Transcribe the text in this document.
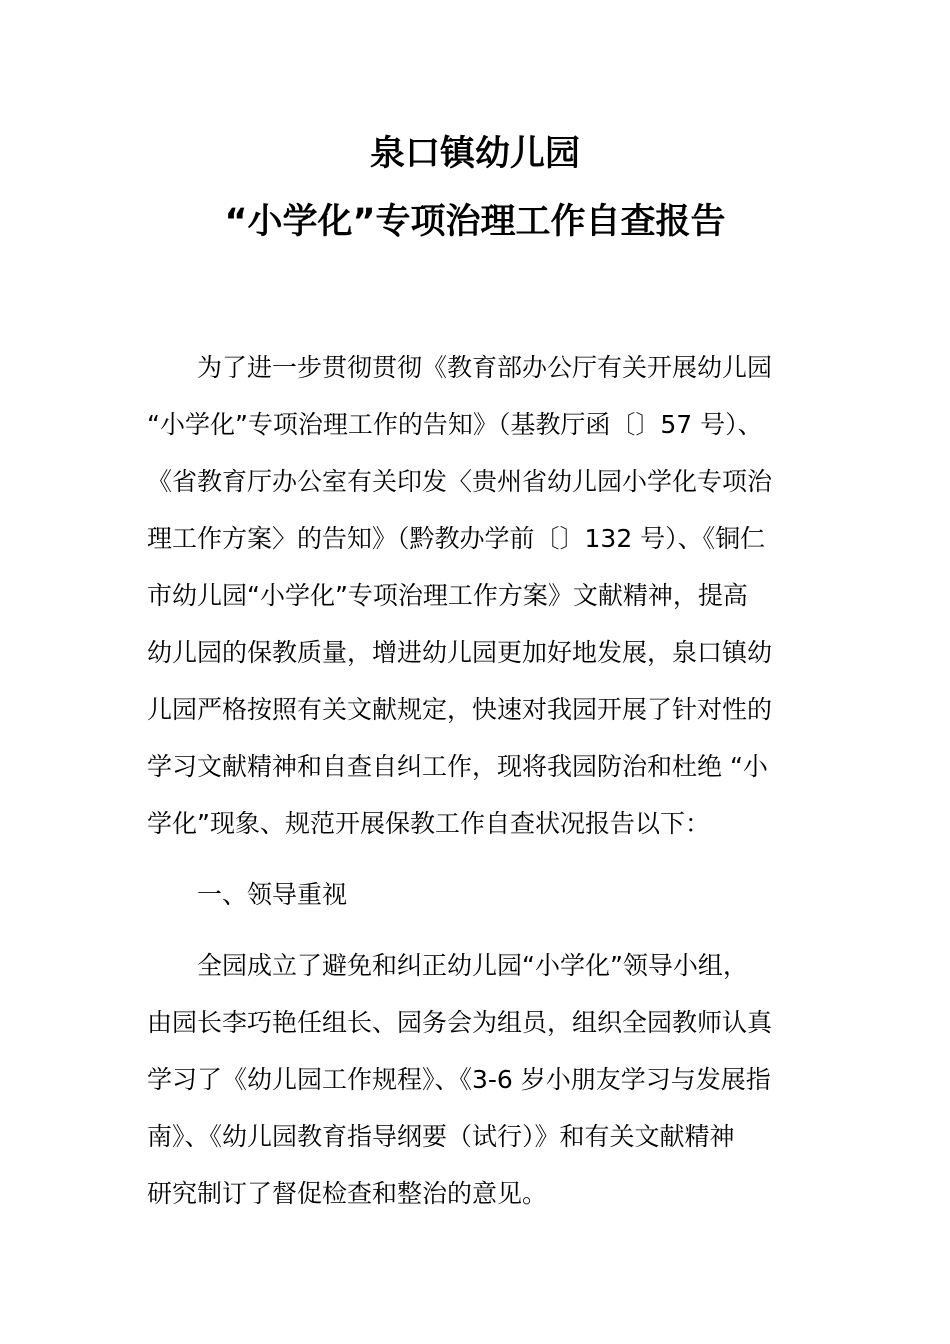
泉口镇幼儿园
“小学化”专项治理工作自查报告
　　为了进一步贯彻贯彻《教育部办公厅有关开展幼儿园
“小学化”专项治理工作的告知》（基教厅函〔〕57 号）、
《省教育厅办公室有关印发〈贵州省幼儿园小学化专项治
理工作方案〉的告知》（黔教办学前〔〕132 号）、《铜仁
市幼儿园“小学化”专项治理工作方案》文献精神，提高
幼儿园的保教质量，增进幼儿园更加好地发展，泉口镇幼
儿园严格按照有关文献规定，快速对我园开展了针对性的
学习文献精神和自查自纠工作，现将我园防治和杜绝 “小
学化”现象、规范开展保教工作自查状况报告以下：
　　一、领导重视
　　全园成立了避免和纠正幼儿园“小学化”领导小组，
由园长李巧艳任组长、园务会为组员，组织全园教师认真
学习了《幼儿园工作规程》、《3-6 岁小朋友学习与发展指
南》、《幼儿园教育指导纲要（试行）》和有关文献精神
研究制订了督促检查和整治的意见。
